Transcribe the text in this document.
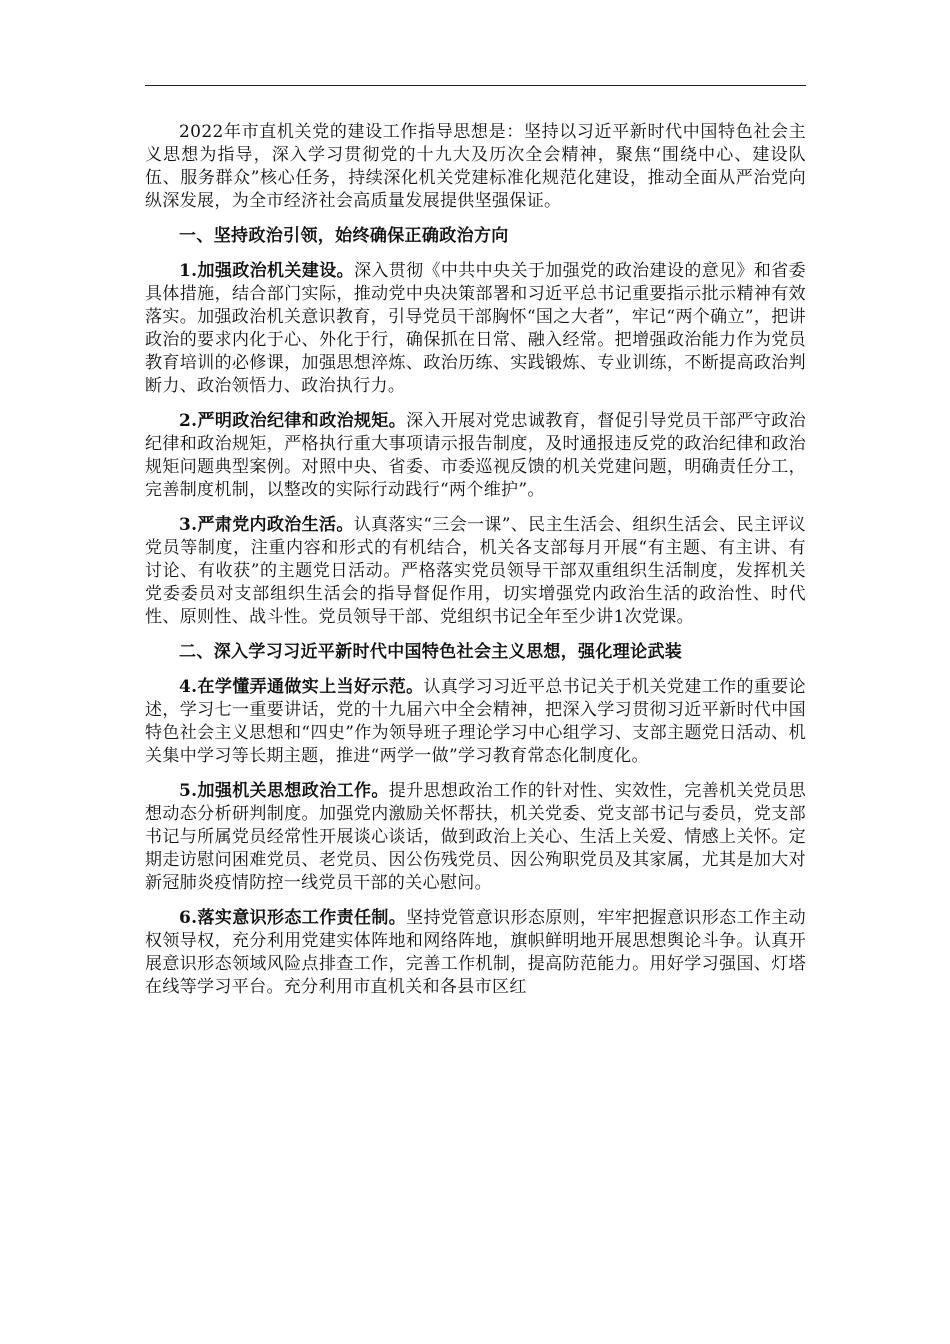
2022年市直机关党的建设工作指导思想是：坚持以习近平新时代中国特色社会主义思想为指导，深入学习贯彻党的十九大及历次全会精神，聚焦“围绕中心、建设队伍、服务群众”核心任务，持续深化机关党建标准化规范化建设，推动全面从严治党向纵深发展，为全市经济社会高质量发展提供坚强保证。

一、坚持政治引领，始终确保正确政治方向

1.加强政治机关建设。深入贯彻《中共中央关于加强党的政治建设的意见》和省委具体措施，结合部门实际，推动党中央决策部署和习近平总书记重要指示批示精神有效落实。加强政治机关意识教育，引导党员干部胸怀“国之大者”，牢记“两个确立”，把讲政治的要求内化于心、外化于行，确保抓在日常、融入经常。把增强政治能力作为党员教育培训的必修课，加强思想淬炼、政治历练、实践锻炼、专业训练，不断提高政治判断力、政治领悟力、政治执行力。

2.严明政治纪律和政治规矩。深入开展对党忠诚教育，督促引导党员干部严守政治纪律和政治规矩，严格执行重大事项请示报告制度，及时通报违反党的政治纪律和政治规矩问题典型案例。对照中央、省委、市委巡视反馈的机关党建问题，明确责任分工，完善制度机制，以整改的实际行动践行“两个维护”。

3.严肃党内政治生活。认真落实“三会一课”、民主生活会、组织生活会、民主评议党员等制度，注重内容和形式的有机结合，机关各支部每月开展“有主题、有主讲、有讨论、有收获”的主题党日活动。严格落实党员领导干部双重组织生活制度，发挥机关党委委员对支部组织生活会的指导督促作用，切实增强党内政治生活的政治性、时代性、原则性、战斗性。党员领导干部、党组织书记全年至少讲1次党课。

二、深入学习习近平新时代中国特色社会主义思想，强化理论武装

4.在学懂弄通做实上当好示范。认真学习习近平总书记关于机关党建工作的重要论述，学习七一重要讲话，党的十九届六中全会精神，把深入学习贯彻习近平新时代中国特色社会主义思想和“四史”作为领导班子理论学习中心组学习、支部主题党日活动、机关集中学习等长期主题，推进“两学一做”学习教育常态化制度化。

5.加强机关思想政治工作。提升思想政治工作的针对性、实效性，完善机关党员思想动态分析研判制度。加强党内激励关怀帮扶，机关党委、党支部书记与委员，党支部书记与所属党员经常性开展谈心谈话，做到政治上关心、生活上关爱、情感上关怀。定期走访慰问困难党员、老党员、因公伤残党员、因公殉职党员及其家属，尤其是加大对新冠肺炎疫情防控一线党员干部的关心慰问。

6.落实意识形态工作责任制。坚持党管意识形态原则，牢牢把握意识形态工作主动权领导权，充分利用党建实体阵地和网络阵地，旗帜鲜明地开展思想舆论斗争。认真开展意识形态领域风险点排查工作，完善工作机制，提高防范能力。用好学习强国、灯塔在线等学习平台。充分利用市直机关和各县市区红
